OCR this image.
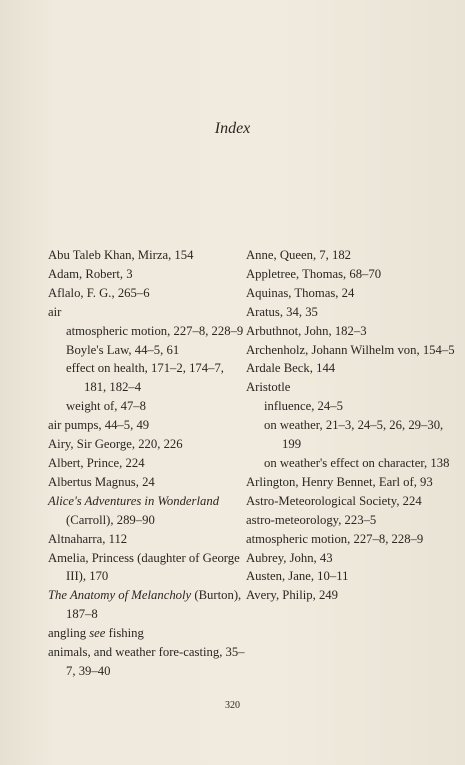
Index

Abu Taleb Khan, Mirza, 154

Adam, Robert, 3

Aflalo, F. G., 265–6

air

atmospheric motion, 227–8, 228–9

Boyle's Law, 44–5, 61

effect on health, 171–2, 174–7, 181, 182–4

weight of, 47–8

air pumps, 44–5, 49

Airy, Sir George, 220, 226

Albert, Prince, 224

Albertus Magnus, 24

Alice's Adventures in Wonderland (Carroll), 289–90

Altnaharra, 112

Amelia, Princess (daughter of George III), 170

The Anatomy of Melancholy (Burton), 187–8

angling see fishing

animals, and weather fore-casting, 35–7, 39–40

Anne, Queen, 7, 182

Appletree, Thomas, 68–70

Aquinas, Thomas, 24

Aratus, 34, 35

Arbuthnot, John, 182–3

Archenholz, Johann Wilhelm von, 154–5

Ardale Beck, 144

Aristotle

influence, 24–5

on weather, 21–3, 24–5, 26, 29–30, 199

on weather's effect on character, 138

Arlington, Henry Bennet, Earl of, 93

Astro-Meteorological Society, 224

astro-meteorology, 223–5

atmospheric motion, 227–8, 228–9

Aubrey, John, 43

Austen, Jane, 10–11

Avery, Philip, 249

320
